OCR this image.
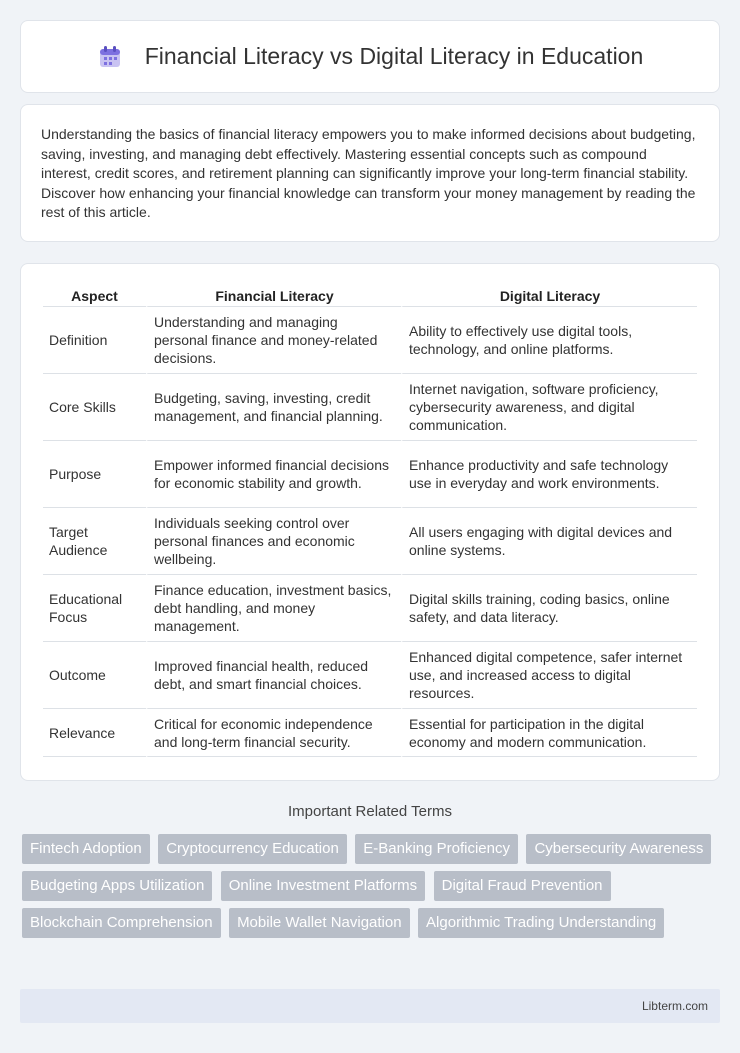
Financial Literacy vs Digital Literacy in Education

Understanding the basics of financial literacy empowers you to make informed decisions about budgeting, saving, investing, and managing debt effectively. Mastering essential concepts such as compound interest, credit scores, and retirement planning can significantly improve your long-term financial stability. Discover how enhancing your financial knowledge can transform your money management by reading the rest of this article.

Aspect	Financial Literacy	Digital Literacy
Definition	Understanding and managing personal finance and money-related decisions.	Ability to effectively use digital tools, technology, and online platforms.
Core Skills	Budgeting, saving, investing, credit management, and financial planning.	Internet navigation, software proficiency, cybersecurity awareness, and digital communication.
Purpose	Empower informed financial decisions for economic stability and growth.	Enhance productivity and safe technology use in everyday and work environments.
Target Audience	Individuals seeking control over personal finances and economic wellbeing.	All users engaging with digital devices and online systems.
Educational Focus	Finance education, investment basics, debt handling, and money management.	Digital skills training, coding basics, online safety, and data literacy.
Outcome	Improved financial health, reduced debt, and smart financial choices.	Enhanced digital competence, safer internet use, and increased access to digital resources.
Relevance	Critical for economic independence and long-term financial security.	Essential for participation in the digital economy and modern communication.
Important Related Terms
Fintech Adoption Cryptocurrency Education E-Banking Proficiency Cybersecurity Awareness Budgeting Apps Utilization Online Investment Platforms Digital Fraud Prevention Blockchain Comprehension Mobile Wallet Navigation Algorithmic Trading Understanding
Libterm.com
